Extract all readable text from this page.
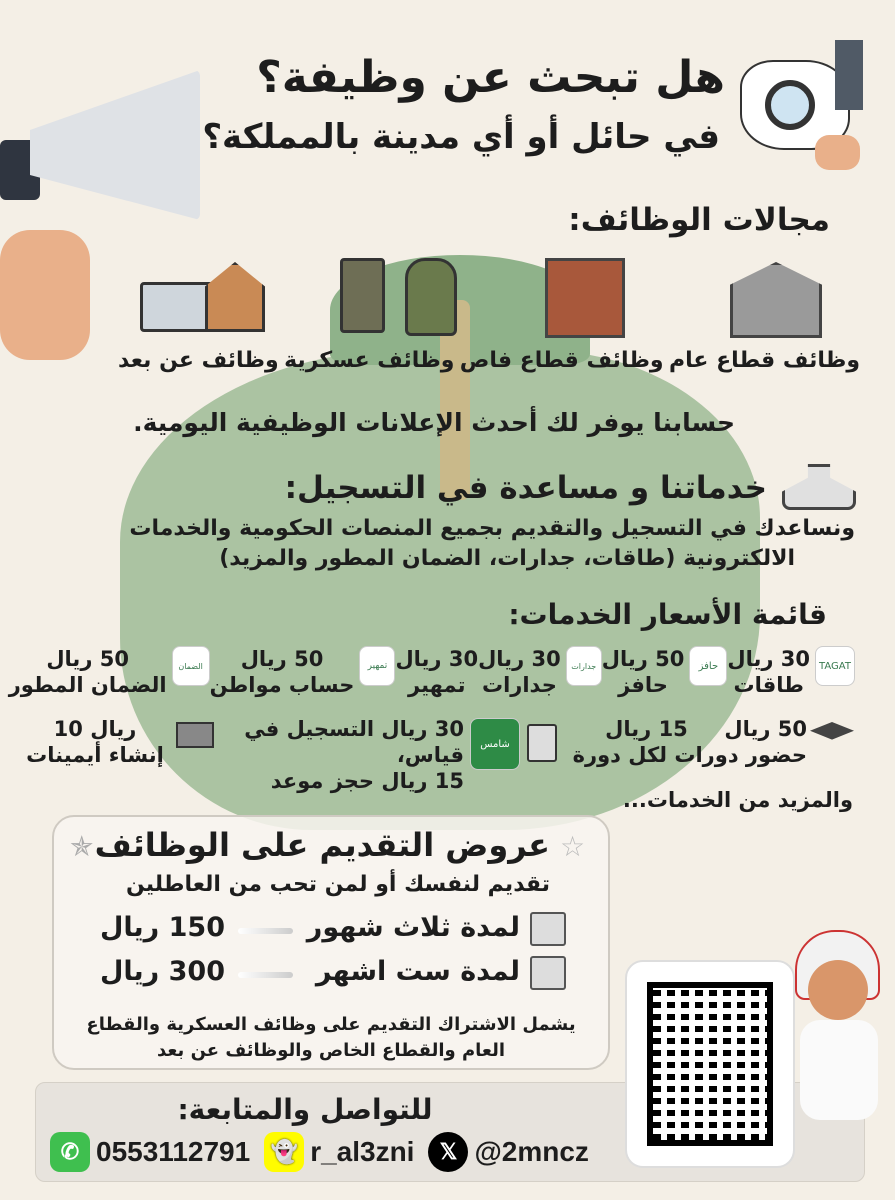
هل تبحث عن وظيفة؟
في حائل أو أي مدينة بالمملكة؟
مجالات الوظائف:
وظائف قطاع عام
وظائف قطاع فاص
وظائف عسكرية
وظائف عن بعد
حسابنا يوفر لك أحدث الإعلانات الوظيفية اليومية.
خدماتنا و مساعدة في التسجيل:

ونساعدك في التسجيل والتقديم بجميع المنصات الحكومية والخدمات

الالكترونية (طاقات، جدارات، الضمان المطور والمزيد)

قائمة الأسعار الخدمات:
TAGAT
30 ريال
طاقات
حافز
50 ريال
حافز
جدارات
30 ريال
جدارات
30 ريال
تمهير
تمهير
50 ريال
حساب مواطن
الضمان
50 ريال
الضمان المطور
50 ريال     15 ريال
حضور دورات لكل دورة
شامس
30 ريال التسجيل في قياس،
15 ريال حجز موعد
10 ريال
إنشاء أيمينات
والمزيد من الخدمات...
✯	☆
عروض التقديم على الوظائف
تقديم لنفسك أو لمن تحب من العاطلين
لمدة ثلاث شهور
150 ريال
لمدة ست اشهر
300 ريال
يشمل الاشتراك التقديم على وظائف العسكرية والقطاع
العام والقطاع الخاص والوظائف عن بعد
للتواصل والمتابعة:
✆ 0553112791 👻 r_al3zni	𝕏 @2mncz
